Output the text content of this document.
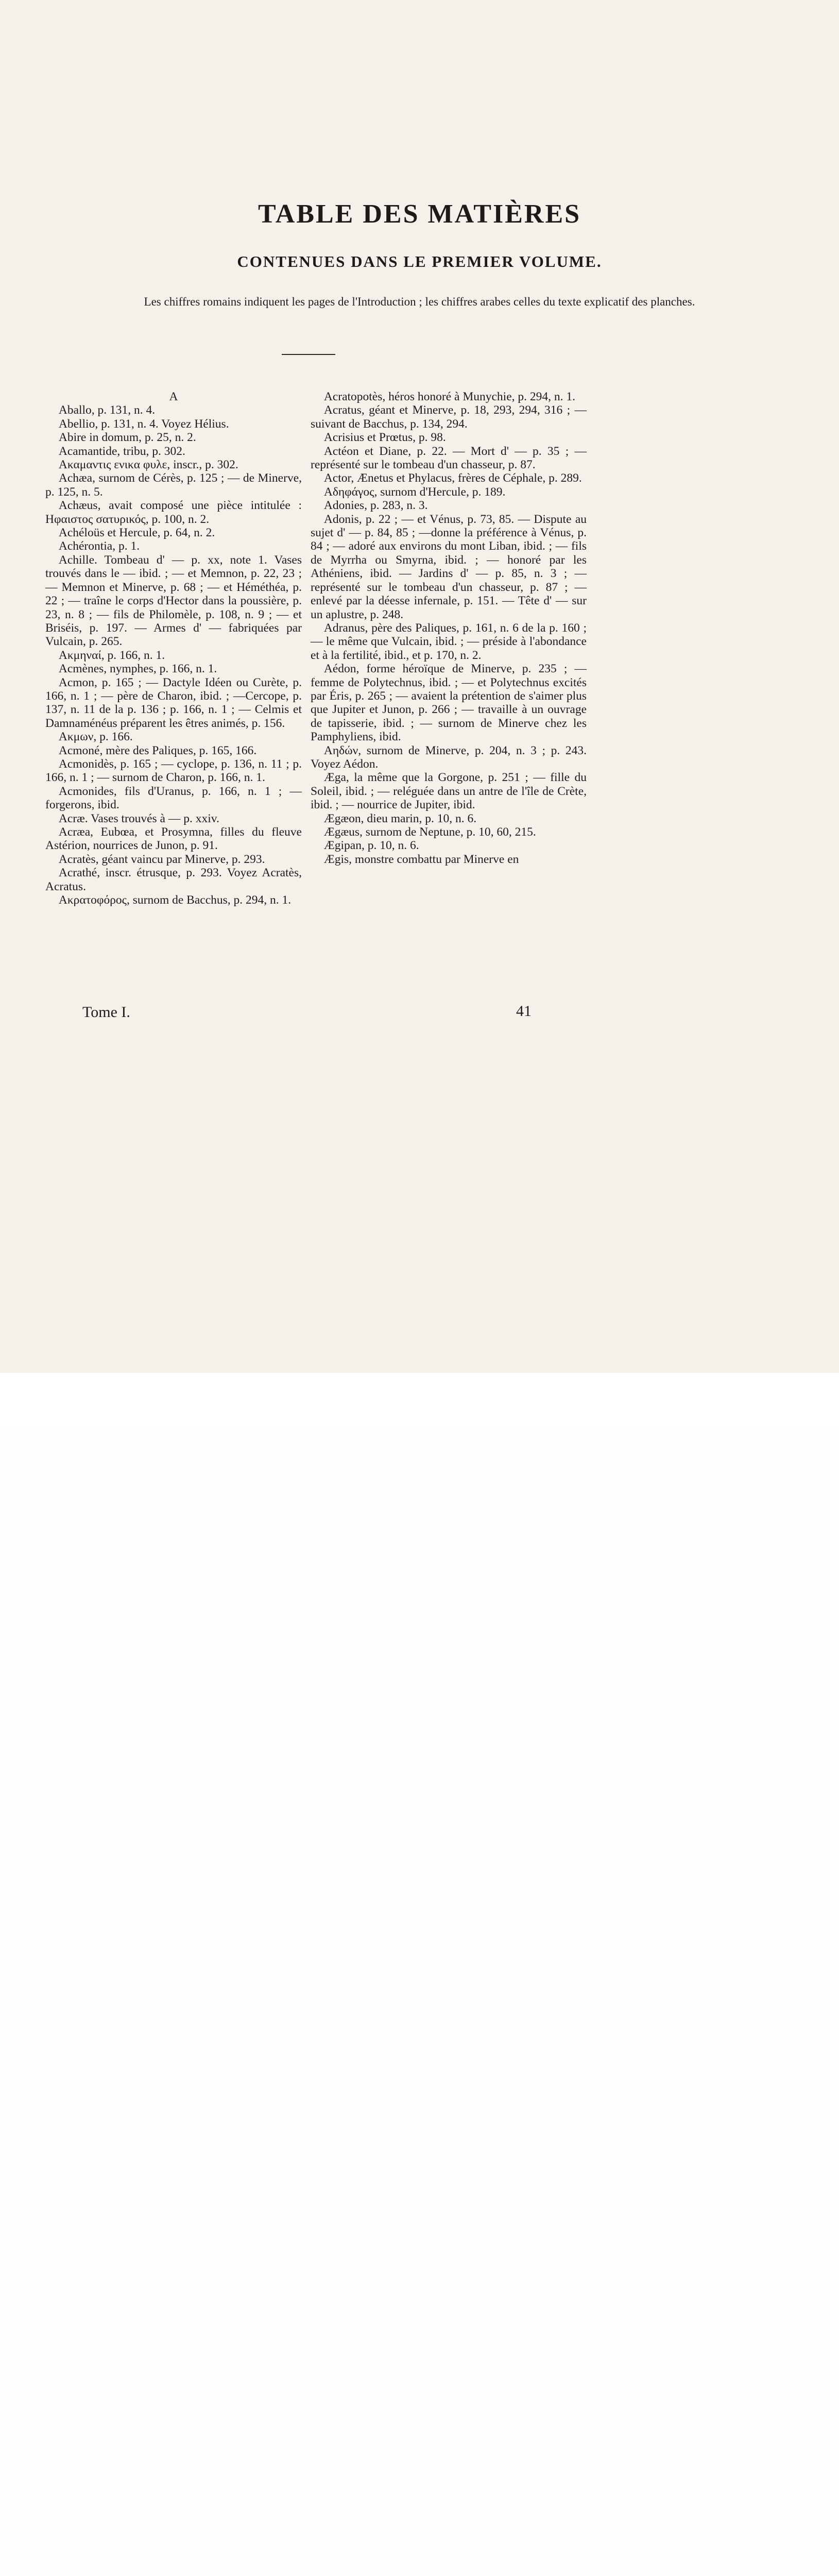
TABLE DES MATIÈRES
CONTENUES DANS LE PREMIER VOLUME.
Les chiffres romains indiquent les pages de l'Introduction ; les chiffres arabes celles du texte explicatif des planches.

A

Aballo, p. 131, n. 4.

Abellio, p. 131, n. 4. Voyez Hélius.

Abire in domum, p. 25, n. 2.

Acamantide, tribu, p. 302.

Ακαμαντις ενικα φυλε, inscr., p. 302.

Achæa, surnom de Cérès, p. 125 ; — de Minerve, p. 125, n. 5.

Achæus, avait composé une pièce intitulée : Ηφαιστος σατυρικός, p. 100, n. 2.

Achéloüs et Hercule, p. 64, n. 2.

Achérontia, p. 1.

Achille. Tombeau d' — p. xx, note 1. Vases trouvés dans le — ibid. ; — et Memnon, p. 22, 23 ; — Memnon et Minerve, p. 68 ; — et Héméthéa, p. 22 ; — traîne le corps d'Hector dans la poussière, p. 23, n. 8 ; — fils de Philomèle, p. 108, n. 9 ; — et Briséis, p. 197. — Armes d' — fabriquées par Vulcain, p. 265.

Ακμηναί, p. 166, n. 1.

Acmènes, nymphes, p. 166, n. 1.

Acmon, p. 165 ; — Dactyle Idéen ou Curète, p. 166, n. 1 ; — père de Charon, ibid. ; —Cercope, p. 137, n. 11 de la p. 136 ; p. 166, n. 1 ; — Celmis et Damnaménéus préparent les êtres animés, p. 156.

Ακμων, p. 166.

Acmoné, mère des Paliques, p. 165, 166.

Acmonidès, p. 165 ; — cyclope, p. 136, n. 11 ; p. 166, n. 1 ; — surnom de Charon, p. 166, n. 1.

Acmonides, fils d'Uranus, p. 166, n. 1 ; — forgerons, ibid.

Acræ. Vases trouvés à — p. xxiv.

Acræa, Eubœa, et Prosymna, filles du fleuve Astérion, nourrices de Junon, p. 91.

Acratès, géant vaincu par Minerve, p. 293.

Acrathé, inscr. étrusque, p. 293. Voyez Acratès, Acratus.

Ακρατοφόρος, surnom de Bacchus, p. 294, n. 1.

Acratopotès, héros honoré à Munychie, p. 294, n. 1.

Acratus, géant et Minerve, p. 18, 293, 294, 316 ; —suivant de Bacchus, p. 134, 294.

Acrisius et Prœtus, p. 98.

Actéon et Diane, p. 22. — Mort d' — p. 35 ; — représenté sur le tombeau d'un chasseur, p. 87.

Actor, Ænetus et Phylacus, frères de Céphale, p. 289.

Αδηφάγος, surnom d'Hercule, p. 189.

Adonies, p. 283, n. 3.

Adonis, p. 22 ; — et Vénus, p. 73, 85. — Dispute au sujet d' — p. 84, 85 ; —donne la préférence à Vénus, p. 84 ; — adoré aux environs du mont Liban, ibid. ; — fils de Myrrha ou Smyrna, ibid. ; — honoré par les Athéniens, ibid. — Jardins d' — p. 85, n. 3 ; — représenté sur le tombeau d'un chasseur, p. 87 ; — enlevé par la déesse infernale, p. 151. — Tête d' — sur un aplustre, p. 248.

Adranus, père des Paliques, p. 161, n. 6 de la p. 160 ; — le même que Vulcain, ibid. ; — préside à l'abondance et à la fertilité, ibid., et p. 170, n. 2.

Aédon, forme héroïque de Minerve, p. 235 ; — femme de Polytechnus, ibid. ; — et Polytechnus excités par Éris, p. 265 ; — avaient la prétention de s'aimer plus que Jupiter et Junon, p. 266 ; — travaille à un ouvrage de tapisserie, ibid. ; — surnom de Minerve chez les Pamphyliens, ibid.

Αηδών, surnom de Minerve, p. 204, n. 3 ; p. 243. Voyez Aédon.

Æga, la même que la Gorgone, p. 251 ; — fille du Soleil, ibid. ; — reléguée dans un antre de l'île de Crète, ibid. ; — nourrice de Jupiter, ibid.

Ægæon, dieu marin, p. 10, n. 6.

Ægæus, surnom de Neptune, p. 10, 60, 215.

Ægipan, p. 10, n. 6.

Ægis, monstre combattu par Minerve en

Tome I.	41
